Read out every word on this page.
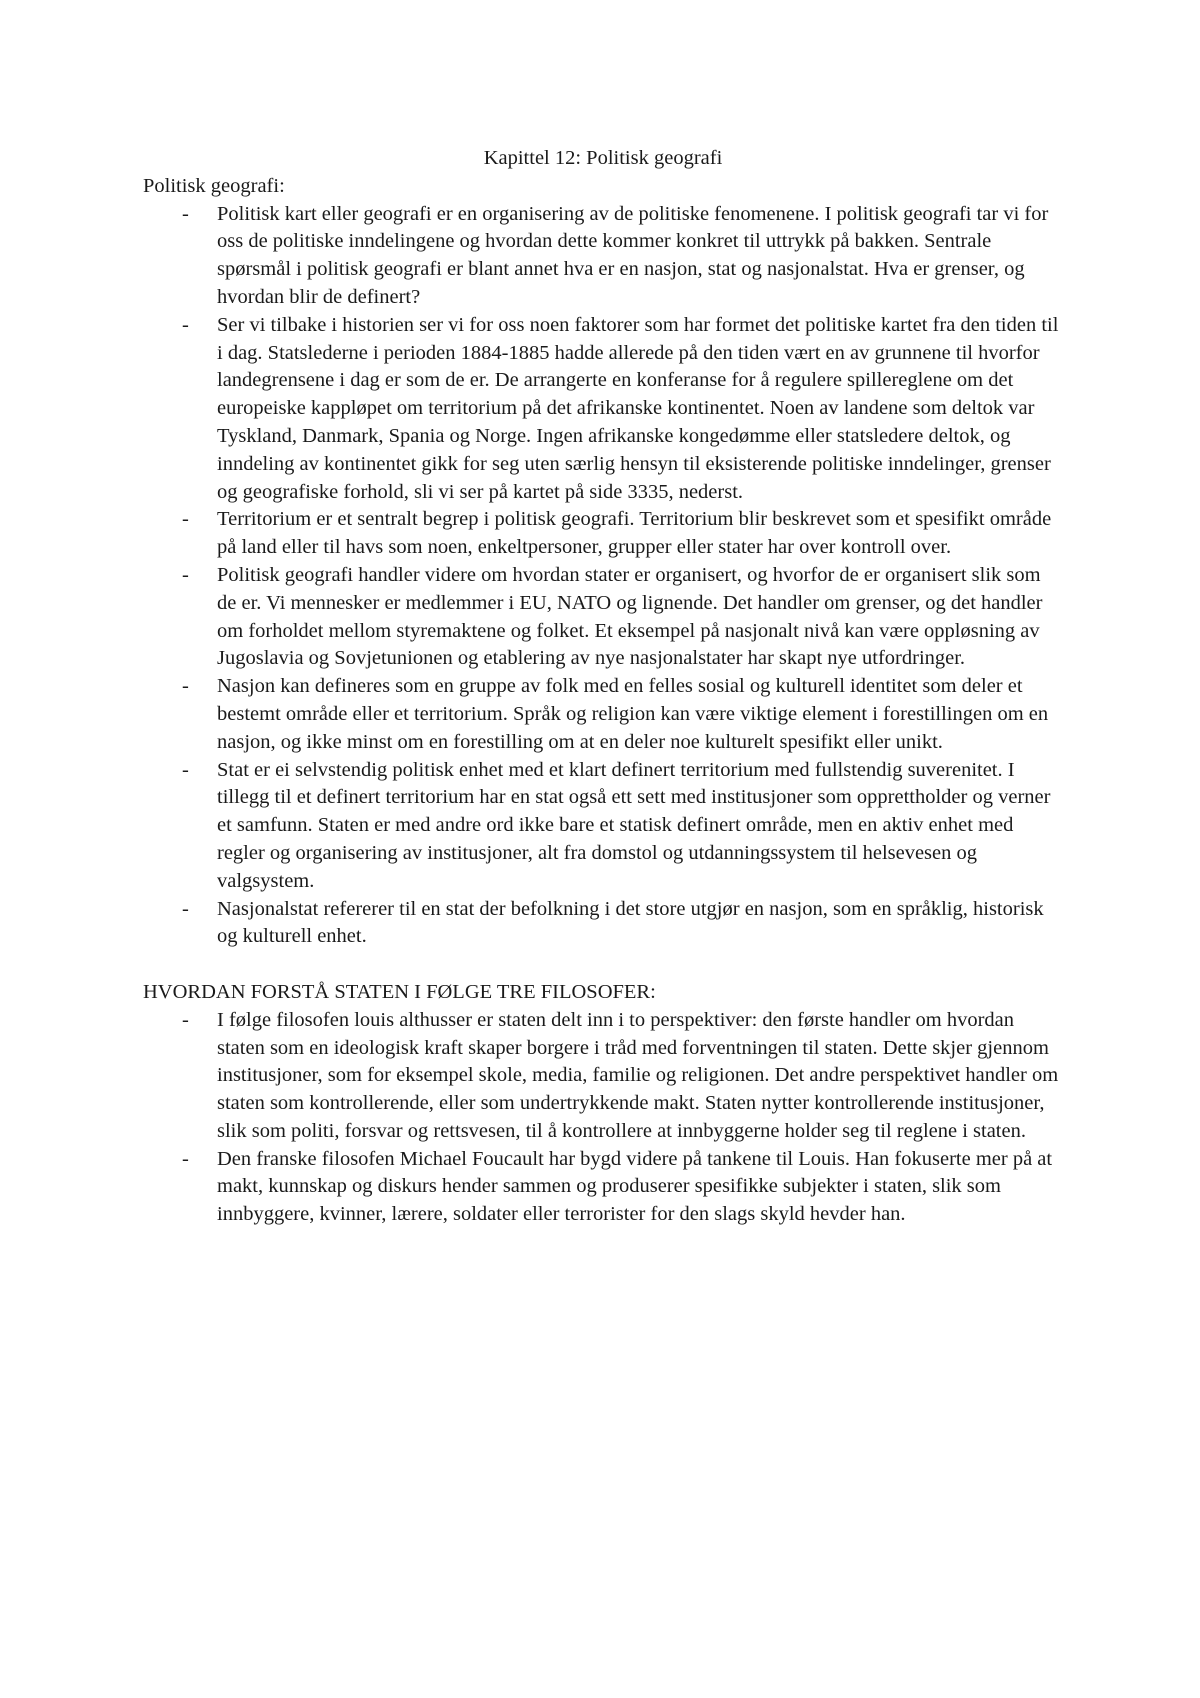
Kapittel 12: Politisk geografi

Politisk geografi:

- Politisk kart eller geografi er en organisering av de politiske fenomenene. I politisk geografi tar vi for oss de politiske inndelingene og hvordan dette kommer konkret til uttrykk på bakken. Sentrale spørsmål i politisk geografi er blant annet hva er en nasjon, stat og nasjonalstat. Hva er grenser, og hvordan blir de definert?
- Ser vi tilbake i historien ser vi for oss noen faktorer som har formet det politiske kartet fra den tiden til i dag. Statslederne i perioden 1884-1885 hadde allerede på den tiden vært en av grunnene til hvorfor landegrensene i dag er som de er. De arrangerte en konferanse for å regulere spillereglene om det europeiske kappløpet om territorium på det afrikanske kontinentet. Noen av landene som deltok var Tyskland, Danmark, Spania og Norge. Ingen afrikanske kongedømme eller statsledere deltok, og inndeling av kontinentet gikk for seg uten særlig hensyn til eksisterende politiske inndelinger, grenser og geografiske forhold, sli vi ser på kartet på side 3335, nederst.
- Territorium er et sentralt begrep i politisk geografi. Territorium blir beskrevet som et spesifikt område på land eller til havs som noen, enkeltpersoner, grupper eller stater har over kontroll over.
- Politisk geografi handler videre om hvordan stater er organisert, og hvorfor de er organisert slik som de er. Vi mennesker er medlemmer i EU, NATO og lignende. Det handler om grenser, og det handler om forholdet mellom styremaktene og folket. Et eksempel på nasjonalt nivå kan være oppløsning av Jugoslavia og Sovjetunionen og etablering av nye nasjonalstater har skapt nye utfordringer.
- Nasjon kan defineres som en gruppe av folk med en felles sosial og kulturell identitet som deler et bestemt område eller et territorium. Språk og religion kan være viktige element i forestillingen om en nasjon, og ikke minst om en forestilling om at en deler noe kulturelt spesifikt eller unikt.
- Stat er ei selvstendig politisk enhet med et klart definert territorium med fullstendig suverenitet. I tillegg til et definert territorium har en stat også ett sett med institusjoner som opprettholder og verner et samfunn. Staten er med andre ord ikke bare et statisk definert område, men en aktiv enhet med regler og organisering av institusjoner, alt fra domstol og utdanningssystem til helsevesen og valgsystem.
- Nasjonalstat refererer til en stat der befolkning i det store utgjør en nasjon, som en språklig, historisk og kulturell enhet.

HVORDAN FORSTÅ STATEN I FØLGE TRE FILOSOFER:

- I følge filosofen louis althusser er staten delt inn i to perspektiver: den første handler om hvordan staten som en ideologisk kraft skaper borgere i tråd med forventningen til staten. Dette skjer gjennom institusjoner, som for eksempel skole, media, familie og religionen. Det andre perspektivet handler om staten som kontrollerende, eller som undertrykkende makt. Staten nytter kontrollerende institusjoner, slik som politi, forsvar og rettsvesen, til å kontrollere at innbyggerne holder seg til reglene i staten.
- Den franske filosofen Michael Foucault har bygd videre på tankene til Louis. Han fokuserte mer på at makt, kunnskap og diskurs hender sammen og produserer spesifikke subjekter i staten, slik som innbyggere, kvinner, lærere, soldater eller terrorister for den slags skyld hevder han.
